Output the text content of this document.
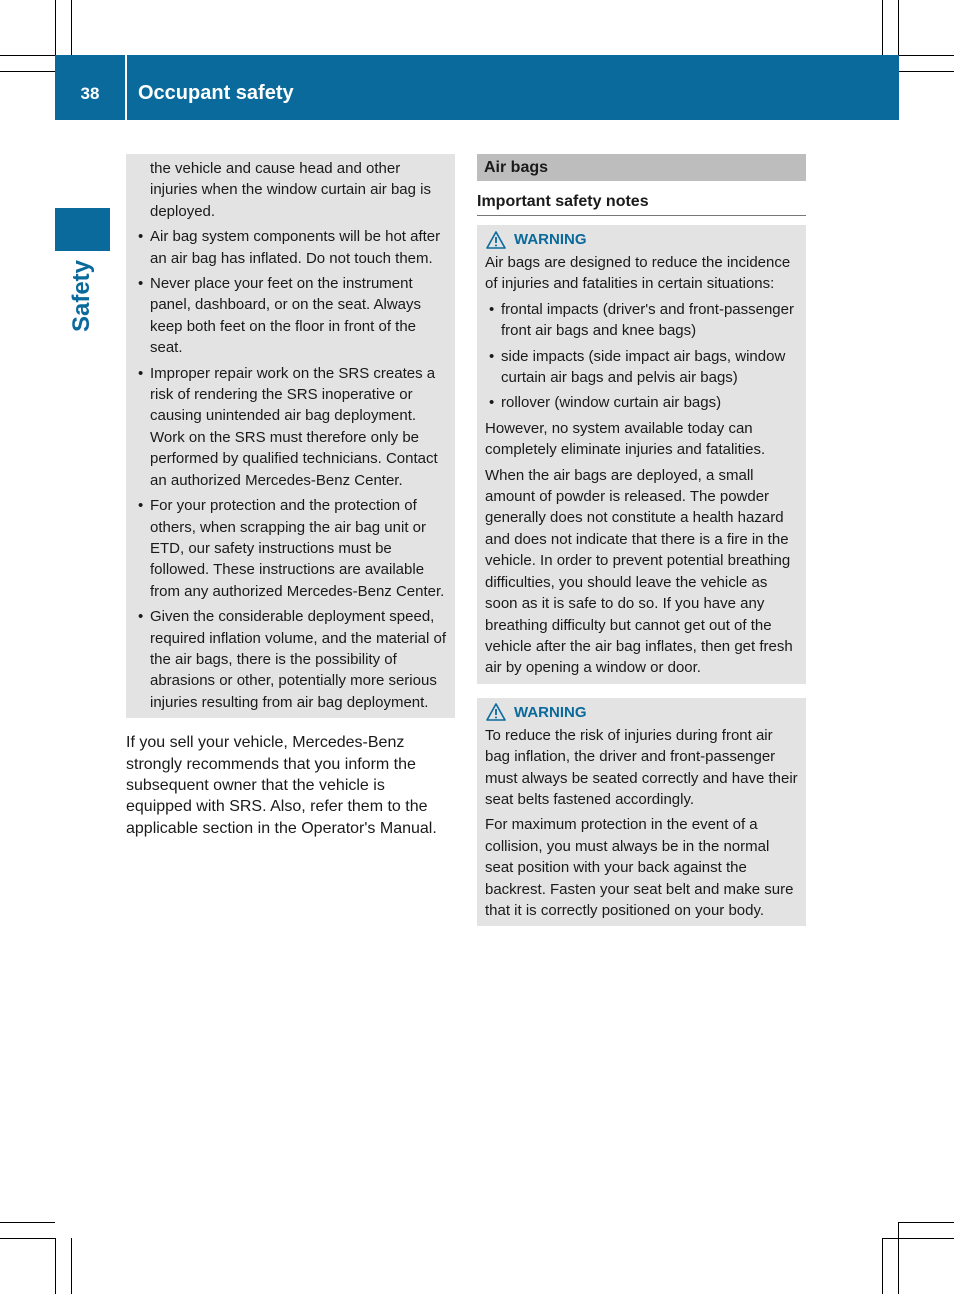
38	Occupant safety
Safety

the vehicle and cause head and other injuries when the window curtain air bag is deployed.

• Air bag system components will be hot after an air bag has inflated. Do not touch them.
• Never place your feet on the instrument panel, dashboard, or on the seat. Always keep both feet on the floor in front of the seat.
• Improper repair work on the SRS creates a risk of rendering the SRS inoperative or causing unintended air bag deployment. Work on the SRS must therefore only be performed by qualified technicians. Contact an authorized Mercedes-Benz Center.
• For your protection and the protection of others, when scrapping the air bag unit or ETD, our safety instructions must be followed. These instructions are available from any authorized Mercedes-Benz Center.
• Given the considerable deployment speed, required inflation volume, and the material of the air bags, there is the possibility of abrasions or other, potentially more serious injuries resulting from air bag deployment.

If you sell your vehicle, Mercedes-Benz strongly recommends that you inform the subsequent owner that the vehicle is equipped with SRS. Also, refer them to the applicable section in the Operator's Manual.

Air bags
Important safety notes
WARNING

Air bags are designed to reduce the incidence of injuries and fatalities in certain situations:

• frontal impacts (driver's and front-passenger front air bags and knee bags)
• side impacts (side impact air bags, window curtain air bags and pelvis air bags)
• rollover (window curtain air bags)

However, no system available today can completely eliminate injuries and fatalities.

When the air bags are deployed, a small amount of powder is released. The powder generally does not constitute a health hazard and does not indicate that there is a fire in the vehicle. In order to prevent potential breathing difficulties, you should leave the vehicle as soon as it is safe to do so. If you have any breathing difficulty but cannot get out of the vehicle after the air bag inflates, then get fresh air by opening a window or door.

WARNING

To reduce the risk of injuries during front air bag inflation, the driver and front-passenger must always be seated correctly and have their seat belts fastened accordingly.

For maximum protection in the event of a collision, you must always be in the normal seat position with your back against the backrest. Fasten your seat belt and make sure that it is correctly positioned on your body.
